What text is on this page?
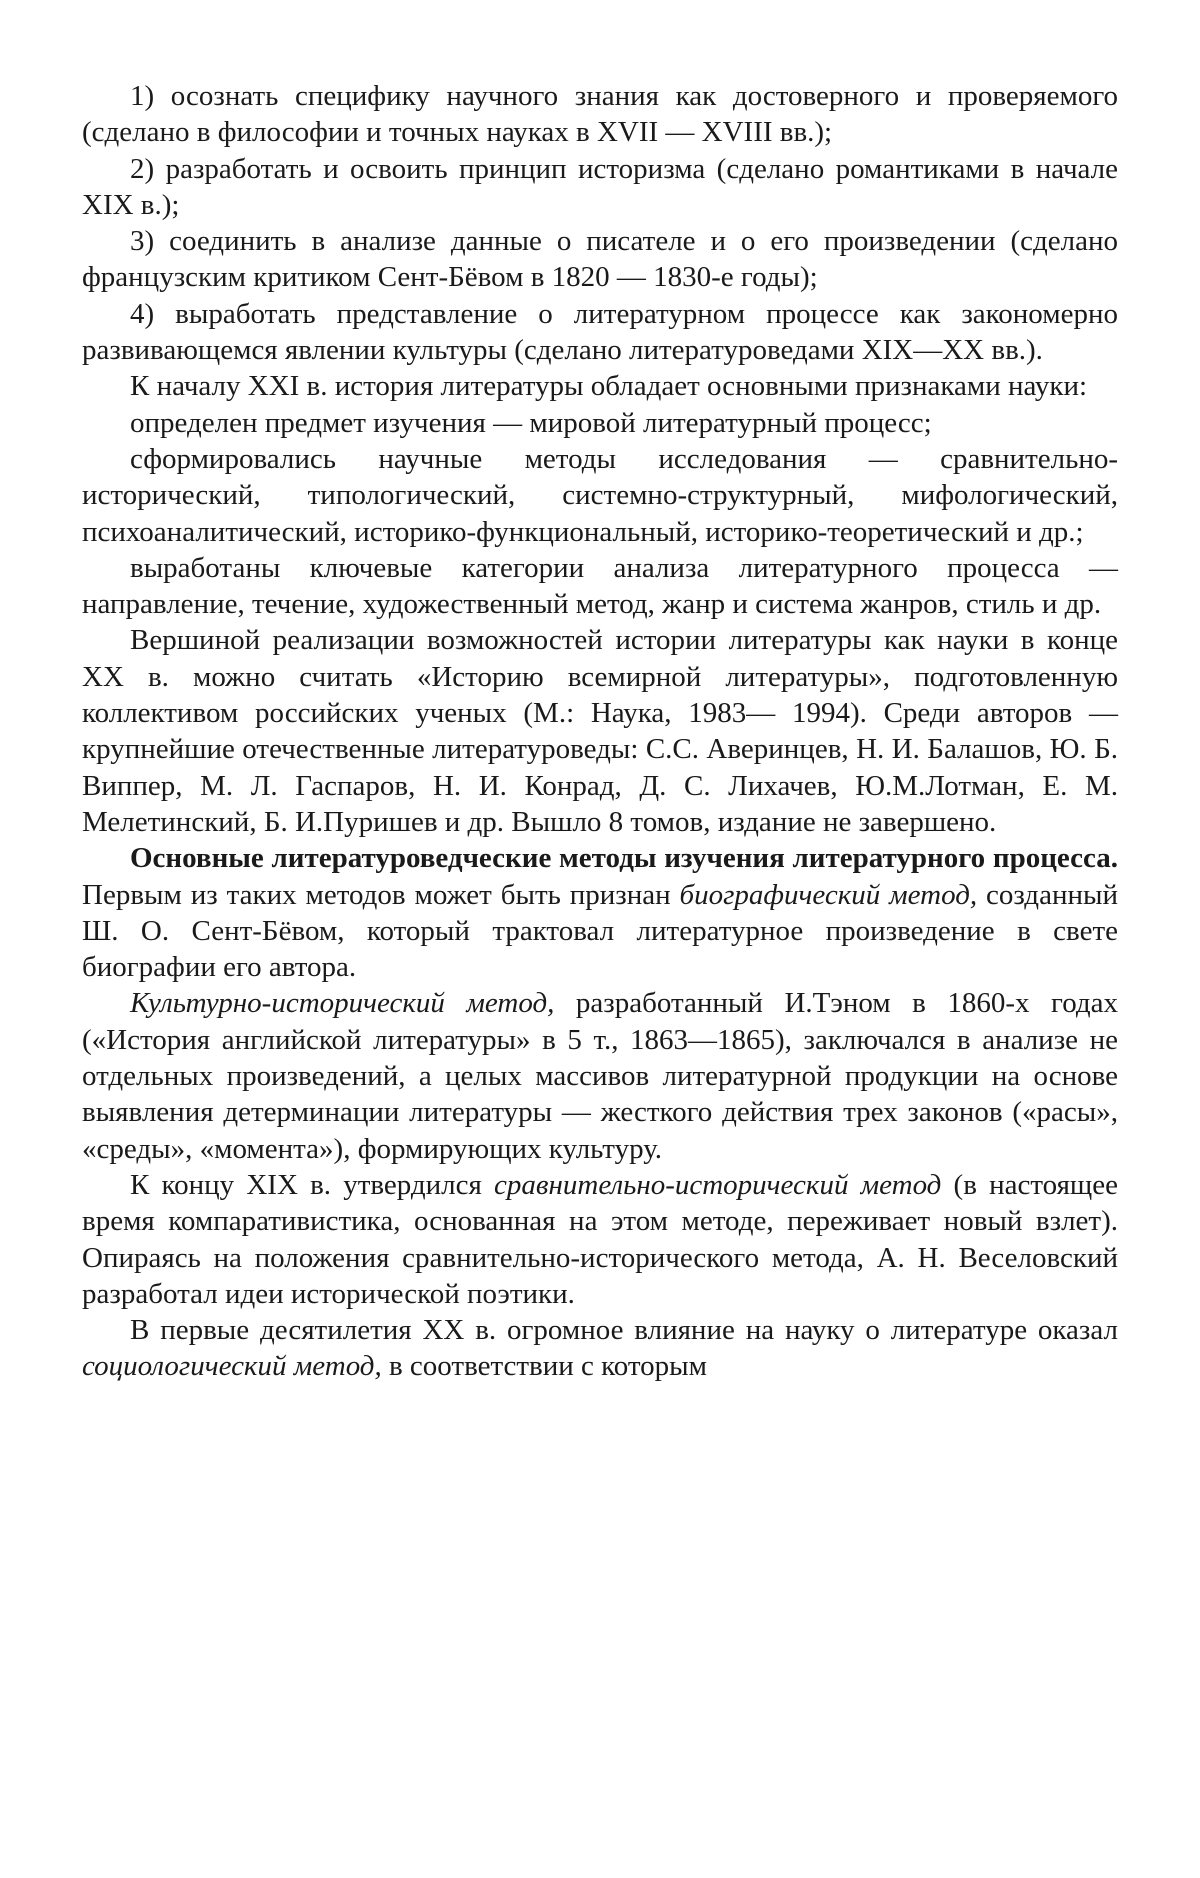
1) осознать специфику научного знания как достоверного и проверяемого (сделано в философии и точных науках в XVII — XVIII вв.);

2) разработать и освоить принцип историзма (сделано романтиками в начале XIX в.);

3) соединить в анализе данные о писателе и о его произведении (сделано французским критиком Сент-Бёвом в 1820 — 1830-е годы);

4) выработать представление о литературном процессе как закономерно развивающемся явлении культуры (сделано литературоведами XIX—XX вв.).

К началу XXI в. история литературы обладает основными признаками науки:

определен предмет изучения — мировой литературный процесс;

сформировались научные методы исследования — сравнительно-исторический, типологический, системно-структурный, мифологический, психоаналитический, историко-функциональный, историко-теоретический и др.;

выработаны ключевые категории анализа литературного процесса — направление, течение, художественный метод, жанр и система жанров, стиль и др.

Вершиной реализации возможностей истории литературы как науки в конце XX в. можно считать «Историю всемирной литературы», подготовленную коллективом российских ученых (М.: Наука, 1983— 1994). Среди авторов — крупнейшие отечественные литературоведы: С.С. Аверинцев, Н. И. Балашов, Ю. Б. Виппер, М. Л. Гаспаров, Н. И. Конрад, Д. С. Лихачев, Ю.М.Лотман, Е. М. Мелетинский, Б. И.Пуришев и др. Вышло 8 томов, издание не завершено.

Основные литературоведческие методы изучения литературного процесса. Первым из таких методов может быть признан биографический метод, созданный Ш. О. Сент-Бёвом, который трактовал литературное произведение в свете биографии его автора.

Культурно-исторический метод, разработанный И.Тэном в 1860-х годах («История английской литературы» в 5 т., 1863—1865), заключался в анализе не отдельных произведений, а целых массивов литературной продукции на основе выявления детерминации литературы — жесткого действия трех законов («расы», «среды», «момента»), формирующих культуру.

К концу XIX в. утвердился сравнительно-исторический метод (в настоящее время компаративистика, основанная на этом методе, переживает новый взлет). Опираясь на положения сравнительно-исторического метода, А. Н. Веселовский разработал идеи исторической поэтики.

В первые десятилетия XX в. огромное влияние на науку о литературе оказал социологический метод, в соответствии с которым
